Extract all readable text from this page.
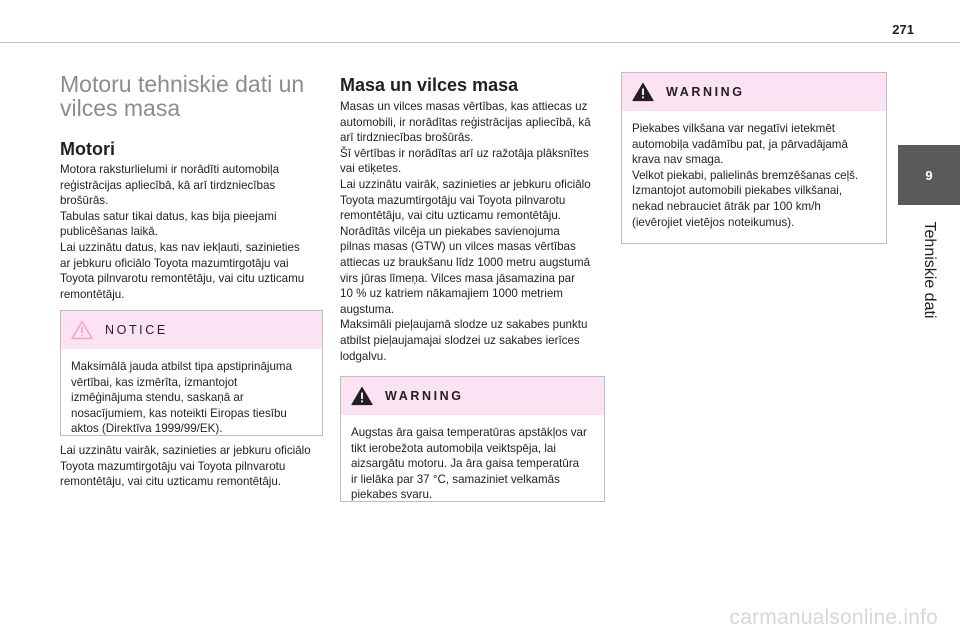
271
9
Tehniskie dati
Motoru tehniskie dati un
vilces masa
Motori

Motora raksturlielumi ir norādīti automobiļa
reģistrācijas apliecībā, kā arī tirdzniecības
brošūrās.
Tabulas satur tikai datus, kas bija pieejami
publicēšanas laikā.
Lai uzzinātu datus, kas nav iekļauti, sazinieties
ar jebkuru oficiālo Toyota mazumtirgotāju vai
Toyota pilnvarotu remontētāju, vai citu uzticamu
remontētāju.

NOTICE
Maksimālā jauda atbilst tipa apstiprinājuma
vērtībai, kas izmērīta, izmantojot
izmēģinājuma stendu, saskaņā ar
nosacījumiem, kas noteikti Eiropas tiesību
aktos (Direktīva 1999/99/EK).

Lai uzzinātu vairāk, sazinieties ar jebkuru oficiālo
Toyota mazumtirgotāju vai Toyota pilnvarotu
remontētāju, vai citu uzticamu remontētāju.

Masa un vilces masa

Masas un vilces masas vērtības, kas attiecas uz
automobili, ir norādītas reģistrācijas apliecībā, kā
arī tirdzniecības brošūrās.
Šī vērtības ir norādītas arī uz ražotāja plāksnītes
vai etiķetes.
Lai uzzinātu vairāk, sazinieties ar jebkuru oficiālo
Toyota mazumtirgotāju vai Toyota pilnvarotu
remontētāju, vai citu uzticamu remontētāju.
Norādītās vilcēja un piekabes savienojuma
pilnas masas (GTW) un vilces masas vērtības
attiecas uz braukšanu līdz 1000 metru augstumā
virs jūras līmeņa. Vilces masa jāsamazina par
10 % uz katriem nākamajiem 1000 metriem
augstuma.
Maksimāli pieļaujamā slodze uz sakabes punktu
atbilst pieļaujamajai slodzei uz sakabes ierīces
lodgalvu.

WARNING
Augstas āra gaisa temperatūras apstākļos var
tikt ierobežota automobiļa veiktspēja, lai
aizsargātu motoru. Ja āra gaisa temperatūra
ir lielāka par 37 °C, samaziniet velkamās
piekabes svaru.
WARNING
Piekabes vilkšana var negatīvi ietekmēt
automobiļa vadāmību pat, ja pārvadājamā
krava nav smaga.
Velkot piekabi, palielinās bremzēšanas ceļš.
Izmantojot automobili piekabes vilkšanai,
nekad nebrauciet ātrāk par 100 km/h
(ievērojiet vietējos noteikumus).
carmanualsonline.info
